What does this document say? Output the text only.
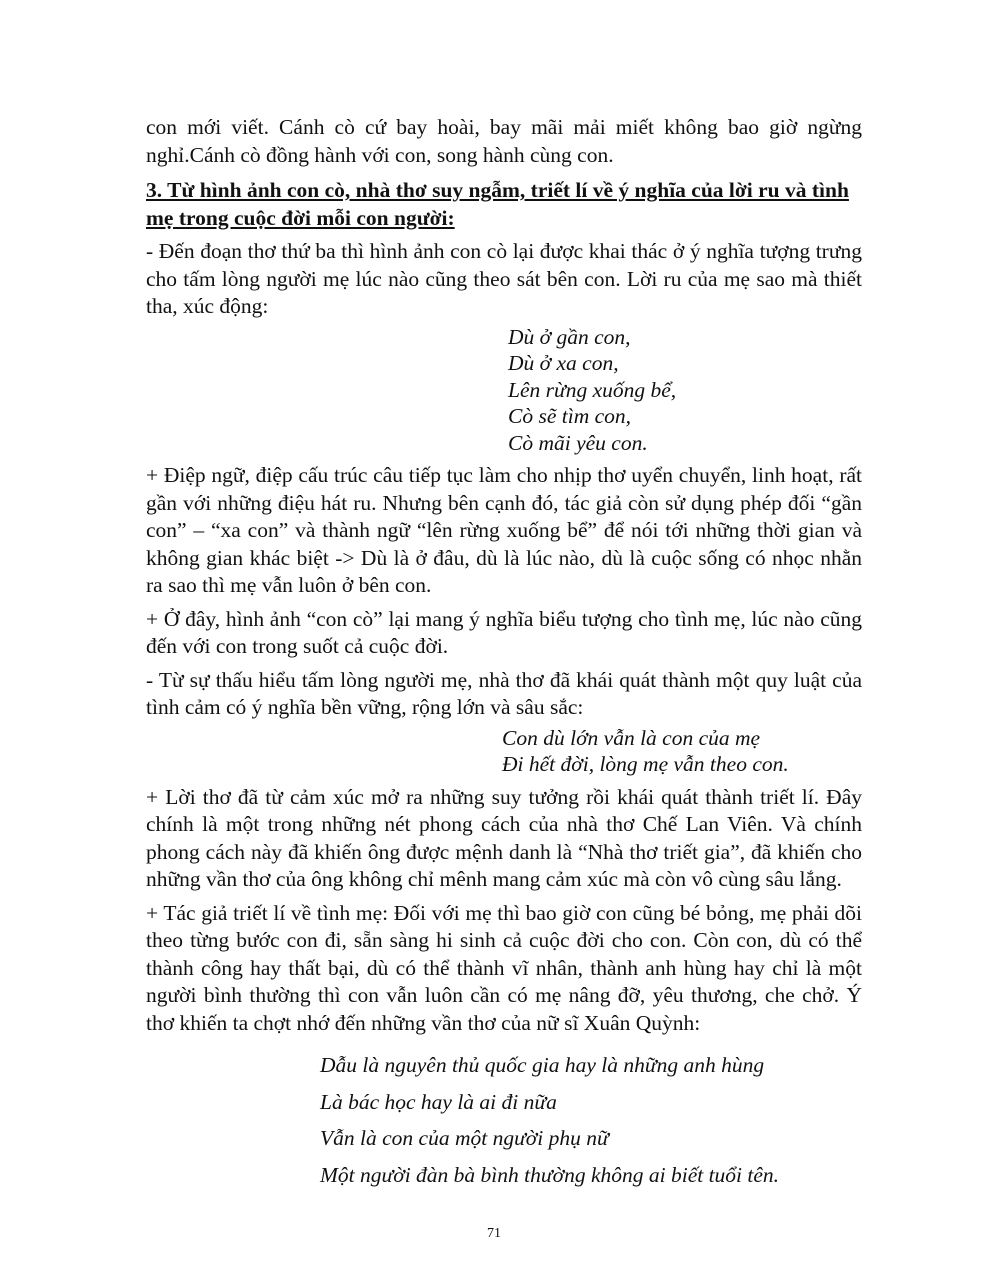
con mới viết. Cánh cò cứ bay hoài, bay mãi mải miết không bao giờ ngừng nghỉ.Cánh cò đồng hành với con, song hành cùng con.

3. Từ hình ảnh con cò, nhà thơ suy ngẫm, triết lí về ý nghĩa của lời ru và tình mẹ trong cuộc đời mỗi con người:

- Đến đoạn thơ thứ ba thì hình ảnh con cò lại được khai thác ở ý nghĩa tượng trưng cho tấm lòng người mẹ lúc nào cũng theo sát bên con. Lời ru của mẹ sao mà thiết tha, xúc động:

Dù ở gần con,
Dù ở xa con,
Lên rừng xuống bể,
Cò sẽ tìm con,
Cò mãi yêu con.

+ Điệp ngữ, điệp cấu trúc câu tiếp tục làm cho nhịp thơ uyển chuyển, linh hoạt, rất gần với những điệu hát ru. Nhưng bên cạnh đó, tác giả còn sử dụng phép đối “gần con” – “xa con” và thành ngữ “lên rừng xuống bể” để nói tới những thời gian và không gian khác biệt -> Dù là ở đâu, dù là lúc nào, dù là cuộc sống có nhọc nhằn ra sao thì mẹ vẫn luôn ở bên con.

+ Ở đây, hình ảnh “con cò” lại mang ý nghĩa biểu tượng cho tình mẹ, lúc nào cũng đến với con trong suốt cả cuộc đời.

- Từ sự thấu hiểu tấm lòng người mẹ, nhà thơ đã khái quát thành một quy luật của tình cảm có ý nghĩa bền vững, rộng lớn và sâu sắc:

Con dù lớn vẫn là con của mẹ
Đi hết đời, lòng mẹ vẫn theo con.

+ Lời thơ đã từ cảm xúc mở ra những suy tưởng rồi khái quát thành triết lí. Đây chính là một trong những nét phong cách của nhà thơ Chế Lan Viên. Và chính phong cách này đã khiến ông được mệnh danh là “Nhà thơ triết gia”, đã khiến cho những vần thơ của ông không chỉ mênh mang cảm xúc mà còn vô cùng sâu lắng.

+ Tác giả triết lí về tình mẹ: Đối với mẹ thì bao giờ con cũng bé bỏng, mẹ phải dõi theo từng bước con đi, sẵn sàng hi sinh cả cuộc đời cho con. Còn con, dù có thể thành công hay thất bại, dù có thể thành vĩ nhân, thành anh hùng hay chỉ là một người bình thường thì con vẫn luôn cần có mẹ nâng đỡ, yêu thương, che chở. Ý thơ khiến ta chợt nhớ đến những vần thơ của nữ sĩ Xuân Quỳnh:

Dẫu là nguyên thủ quốc gia hay là những anh hùng
Là bác học hay là ai đi nữa
Vẫn là con của một người phụ nữ
Một người đàn bà bình thường không ai biết tuổi tên.
71
